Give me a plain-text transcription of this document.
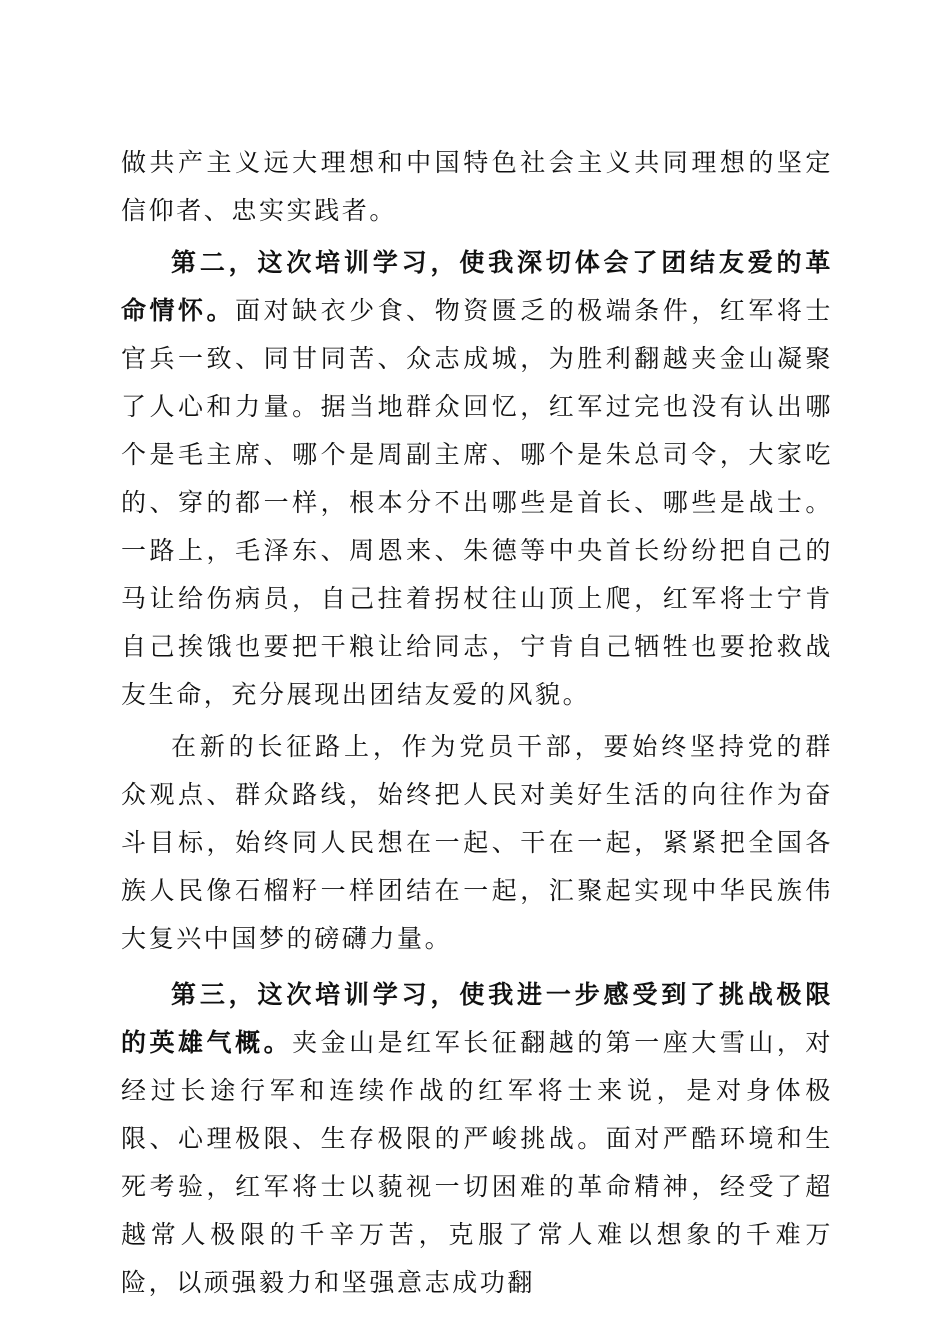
做共产主义远大理想和中国特色社会主义共同理想的坚定信仰者、忠实实践者。

第二，这次培训学习，使我深切体会了团结友爱的革命情怀。面对缺衣少食、物资匮乏的极端条件，红军将士官兵一致、同甘同苦、众志成城，为胜利翻越夹金山凝聚了人心和力量。据当地群众回忆，红军过完也没有认出哪个是毛主席、哪个是周副主席、哪个是朱总司令，大家吃的、穿的都一样，根本分不出哪些是首长、哪些是战士。一路上，毛泽东、周恩来、朱德等中央首长纷纷把自己的马让给伤病员，自己拄着拐杖往山顶上爬，红军将士宁肯自己挨饿也要把干粮让给同志，宁肯自己牺牲也要抢救战友生命，充分展现出团结友爱的风貌。

在新的长征路上，作为党员干部，要始终坚持党的群众观点、群众路线，始终把人民对美好生活的向往作为奋斗目标，始终同人民想在一起、干在一起，紧紧把全国各族人民像石榴籽一样团结在一起，汇聚起实现中华民族伟大复兴中国梦的磅礴力量。

第三，这次培训学习，使我进一步感受到了挑战极限的英雄气概。夹金山是红军长征翻越的第一座大雪山，对经过长途行军和连续作战的红军将士来说，是对身体极限、心理极限、生存极限的严峻挑战。面对严酷环境和生死考验，红军将士以藐视一切困难的革命精神，经受了超越常人极限的千辛万苦，克服了常人难以想象的千难万险，以顽强毅力和坚强意志成功翻
